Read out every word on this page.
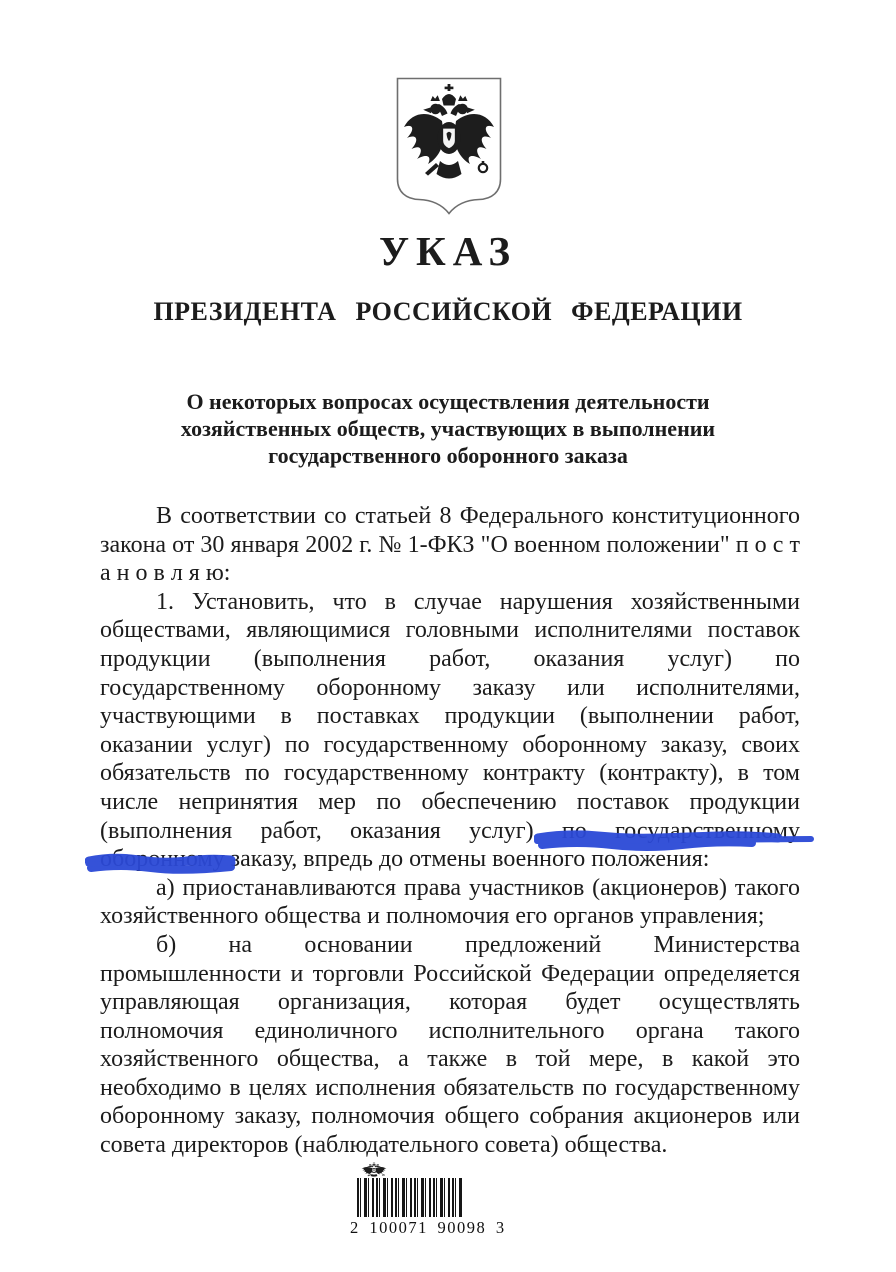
УКАЗ
ПРЕЗИДЕНТА РОССИЙСКОЙ ФЕДЕРАЦИИ
О некоторых вопросах осуществления деятельности
хозяйственных обществ, участвующих в выполнении
государственного оборонного заказа

В соответствии со статьей 8 Федерального конституционного закона от 30 января 2002 г. № 1-ФКЗ "О военном положении" п о с т а н о в л я ю:

1. Установить, что в случае нарушения хозяйственными обществами, являющимися головными исполнителями поставок продукции (выполнения работ, оказания услуг) по государственному оборонному заказу или исполнителями, участвующими в поставках продукции (выполнении работ, оказании услуг) по государственному оборонному заказу, своих обязательств по государственному контракту (контракту), в том числе непринятия мер по обеспечению поставок продукции (выполнения работ, оказания услуг) по государственному оборонному заказу, впредь до отмены военного положения:

а) приостанавливаются права участников (акционеров) такого хозяйственного общества и полномочия его органов управления;

б) на основании предложений Министерства промышленности и торговли Российской Федерации определяется управляющая организация, которая будет осуществлять полномочия единоличного исполнительного органа такого хозяйственного общества, а также в той мере, в какой это необходимо в целях исполнения обязательств по государственному оборонному заказу, полномочия общего собрания акционеров или совета директоров (наблюдательного совета) общества.

2 100071 90098 3
